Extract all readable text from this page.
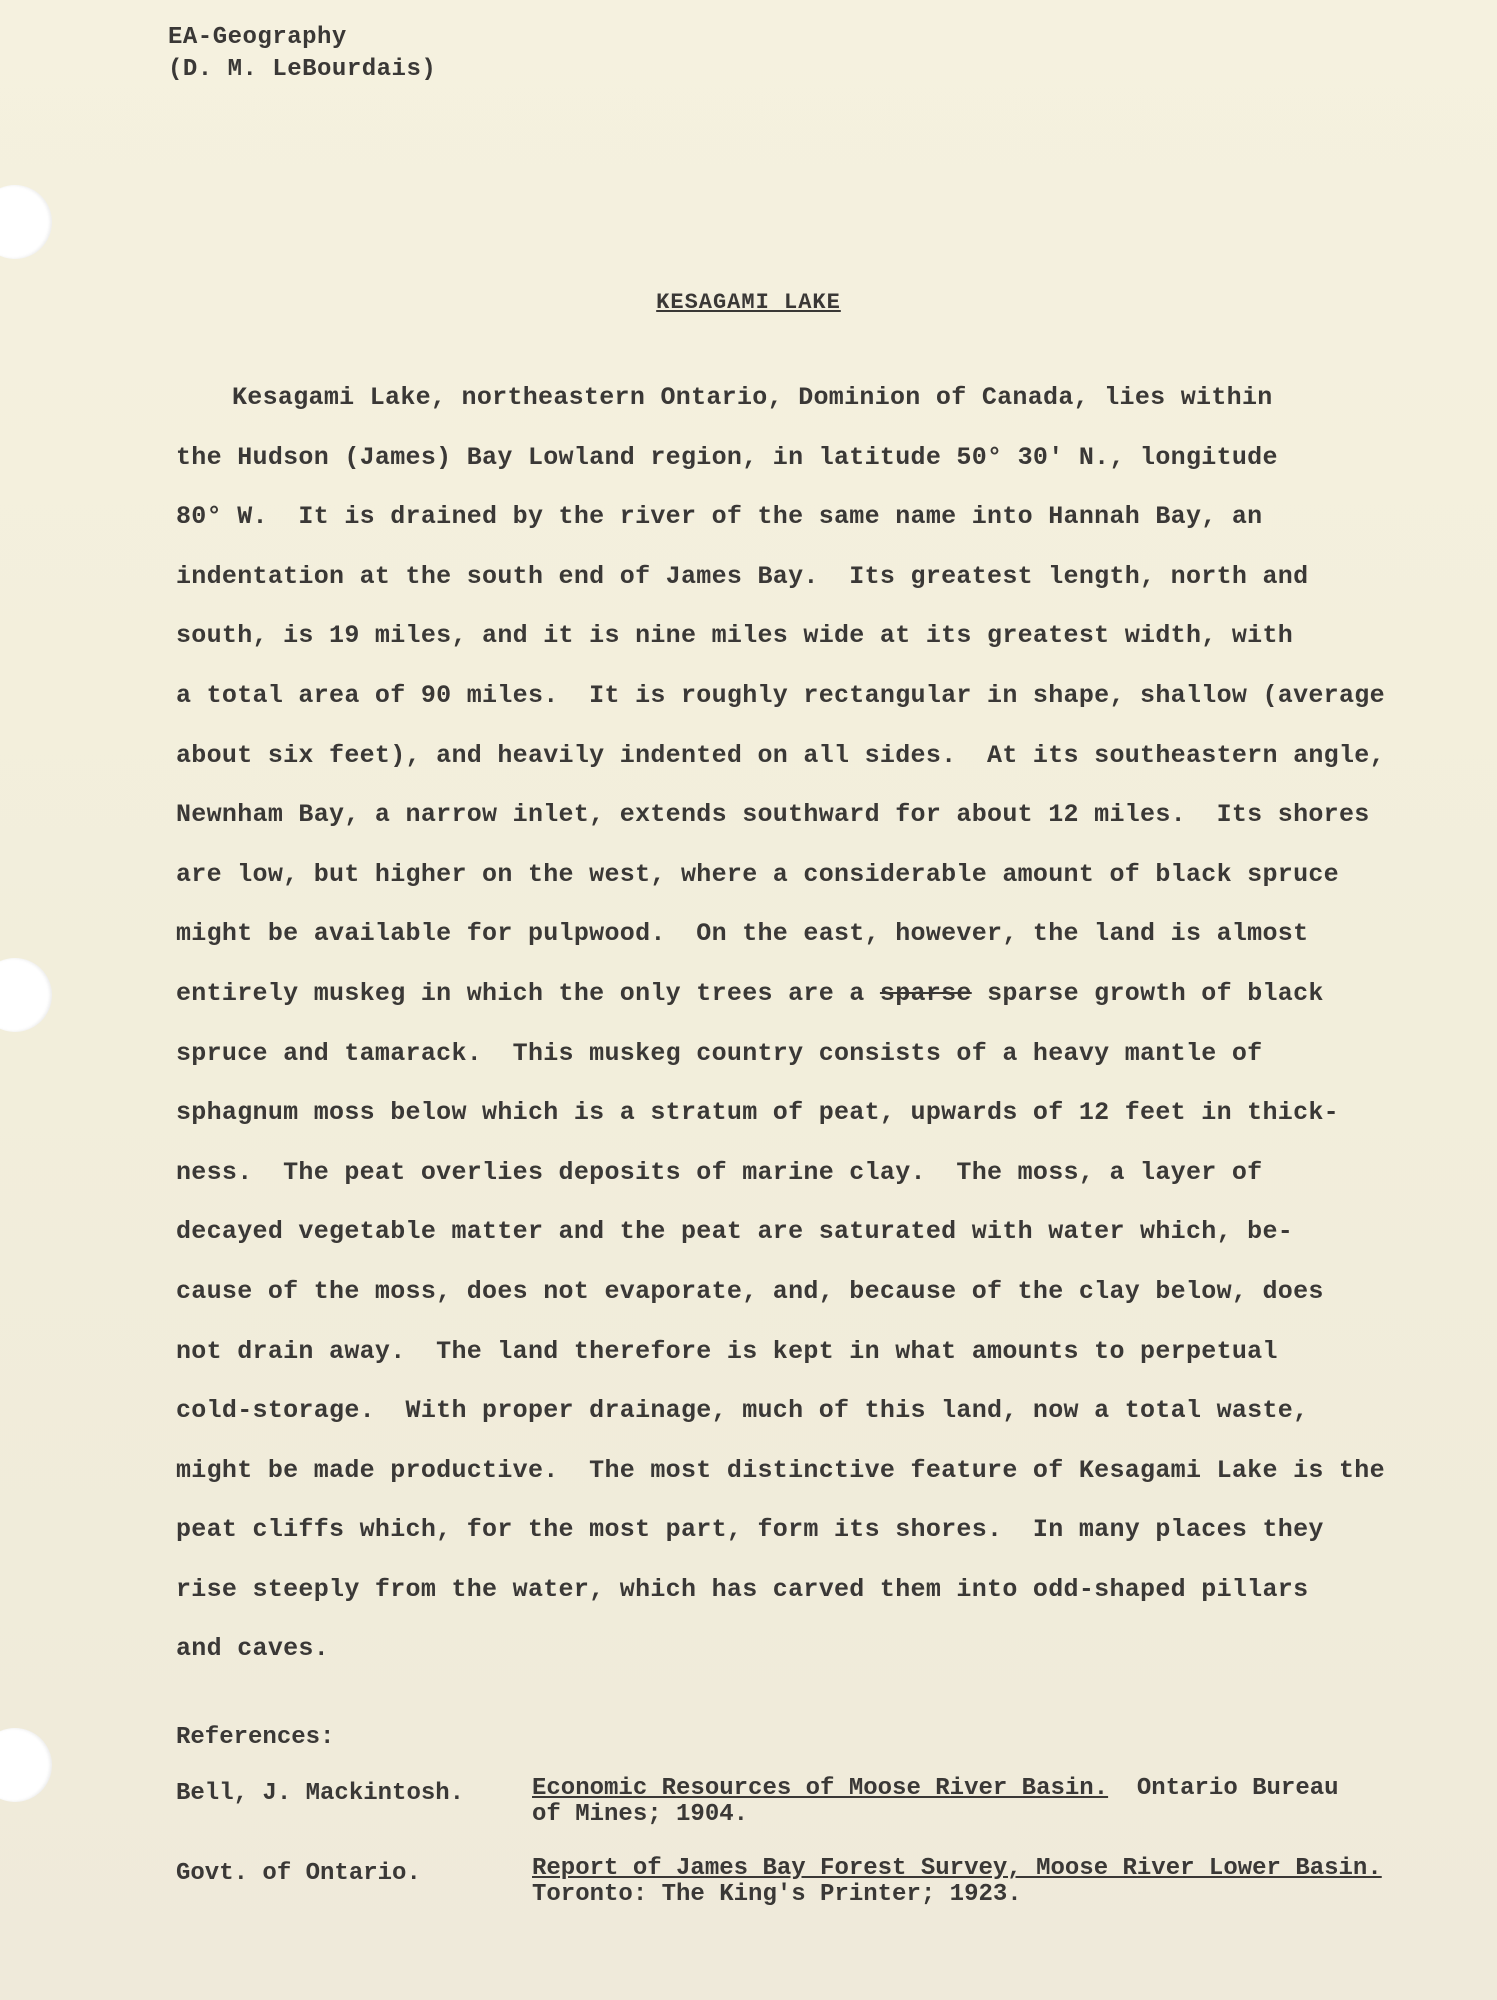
EA-Geography
(D. M. LeBourdais)
KESAGAMI LAKE
Kesagami Lake, northeastern Ontario, Dominion of Canada, lies within
the Hudson (James) Bay Lowland region, in latitude 50° 30' N., longitude
80° W.  It is drained by the river of the same name into Hannah Bay, an
indentation at the south end of James Bay.  Its greatest length, north and
south, is 19 miles, and it is nine miles wide at its greatest width, with
a total area of 90 miles.  It is roughly rectangular in shape, shallow (average
about six feet), and heavily indented on all sides.  At its southeastern angle,
Newnham Bay, a narrow inlet, extends southward for about 12 miles.  Its shores
are low, but higher on the west, where a considerable amount of black spruce
might be available for pulpwood.  On the east, however, the land is almost
entirely muskeg in which the only trees are a sparse sparse growth of black
spruce and tamarack.  This muskeg country consists of a heavy mantle of
sphagnum moss below which is a stratum of peat, upwards of 12 feet in thick-
ness.  The peat overlies deposits of marine clay.  The moss, a layer of
decayed vegetable matter and the peat are saturated with water which, be-
cause of the moss, does not evaporate, and, because of the clay below, does
not drain away.  The land therefore is kept in what amounts to perpetual
cold-storage.  With proper drainage, much of this land, now a total waste,
might be made productive.  The most distinctive feature of Kesagami Lake is the
peat cliffs which, for the most part, form its shores.  In many places they
rise steeply from the water, which has carved them into odd-shaped pillars
and caves.
References:
Bell, J. Mackintosh.	Economic Resources of Moose River Basin. Ontario Bureau
of Mines; 1904.
Govt. of Ontario.	Report of James Bay Forest Survey, Moose River Lower Basin.
Toronto: The King's Printer; 1923.
